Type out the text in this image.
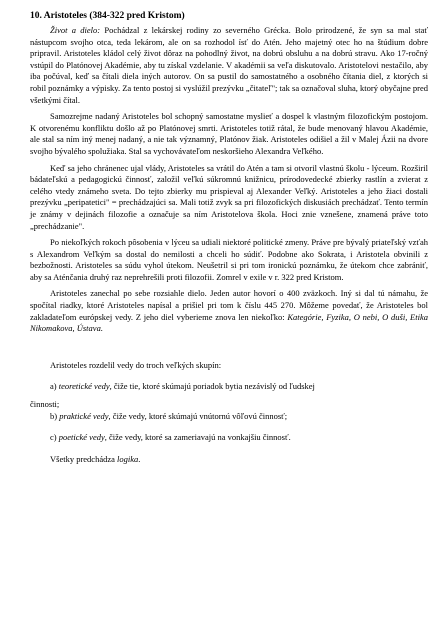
10. Aristoteles (384-322 pred Kristom)

Život a dielo: Pochádzal z lekárskej rodiny zo severného Grécka. Bolo prirodzené, že syn sa mal stať nástupcom svojho otca, teda lekárom, ale on sa rozhodol ísť do Atén. Jeho majetný otec ho na štúdium dobre pripravil. Aristoteles kládol celý život dôraz na pohodlný život, na dobrú obsluhu a na dobrú stravu. Ako 17-ročný vstúpil do Platónovej Akadémie, aby tu získal vzdelanie. V akadémii sa veľa diskutovalo. Aristotelovi nestačilo, aby iba počúval, keď sa čítali diela iných autorov. On sa pustil do samostatného a osobného čítania diel, z ktorých si robil poznámky a výpisky. Za tento postoj si vyslúžil prezývku „čitateľ"; tak sa označoval sluha, ktorý obyčajne pred všetkými čítal.

Samozrejme nadaný Aristoteles bol schopný samostatne myslieť a dospel k vlastným filozofickým postojom. K otvorenému konfliktu došlo až po Platónovej smrti. Aristoteles totiž rátal, že bude menovaný hlavou Akadémie, ale stal sa ním iný menej nadaný, a nie tak významný, Platónov žiak. Aristoteles odišiel a žil v Malej Ázii na dvore svojho bývalého spolužiaka. Stal sa vychovávateľom neskoršieho Alexandra Veľkého.

Keď sa jeho chránenec ujal vlády, Aristoteles sa vrátil do Atén a tam si otvoril vlastnú školu - lýceum. Rozširil bádateľskú a pedagogickú činnosť, založil veľkú súkromnú knižnicu, prírodovedecké zbierky rastlín a zvierat z celého vtedy známeho sveta. Do tejto zbierky mu prispieval aj Alexander Veľký. Aristoteles a jeho žiaci dostali prezývku „peripatetici" = prechádzajúci sa. Mali totiž zvyk sa pri filozofických diskusiách prechádzať. Tento termín je známy v dejinách filozofie a označuje sa ním Aristotelova škola. Hoci znie vznešene, znamená práve toto „prechádzanie".

Po niekoľkých rokoch pôsobenia v lýceu sa udiali niektoré politické zmeny. Práve pre bývalý priateľský vzťah s Alexandrom Veľkým sa dostal do nemilosti a chceli ho súdiť. Podobne ako Sokrata, i Aristotela obvinili z bezbožnosti. Aristoteles sa súdu vyhol útekom. Neušetril si pri tom ironickú poznámku, že útekom chce zabrániť, aby sa Aténčania druhý raz neprehrešili proti filozofii. Zomrel v exile v r. 322 pred Kristom.

Aristoteles zanechal po sebe rozsiahle dielo. Jeden autor hovorí o 400 zväzkoch. Iný si dal tú námahu, že spočítal riadky, ktoré Aristoteles napísal a prišiel pri tom k číslu 445 270. Môžeme povedať, že Aristoteles bol zakladateľom európskej vedy. Z jeho diel vyberieme znova len niekoľko: Kategórie, Fyzika, O nebi, O duši, Etika Nikomakova, Ústava.

Aristoteles rozdelil vedy do troch veľkých skupín:

a) teoretické vedy, čiže tie, ktoré skúmajú poriadok bytia nezávislý od ľudskej

činnosti;

b) praktické vedy, čiže vedy, ktoré skúmajú vnútornú vôľovú činnosť;

c) poetické vedy, čiže vedy, ktoré sa zameriavajú na vonkajšiu činnosť.

Všetky predchádza logika.
